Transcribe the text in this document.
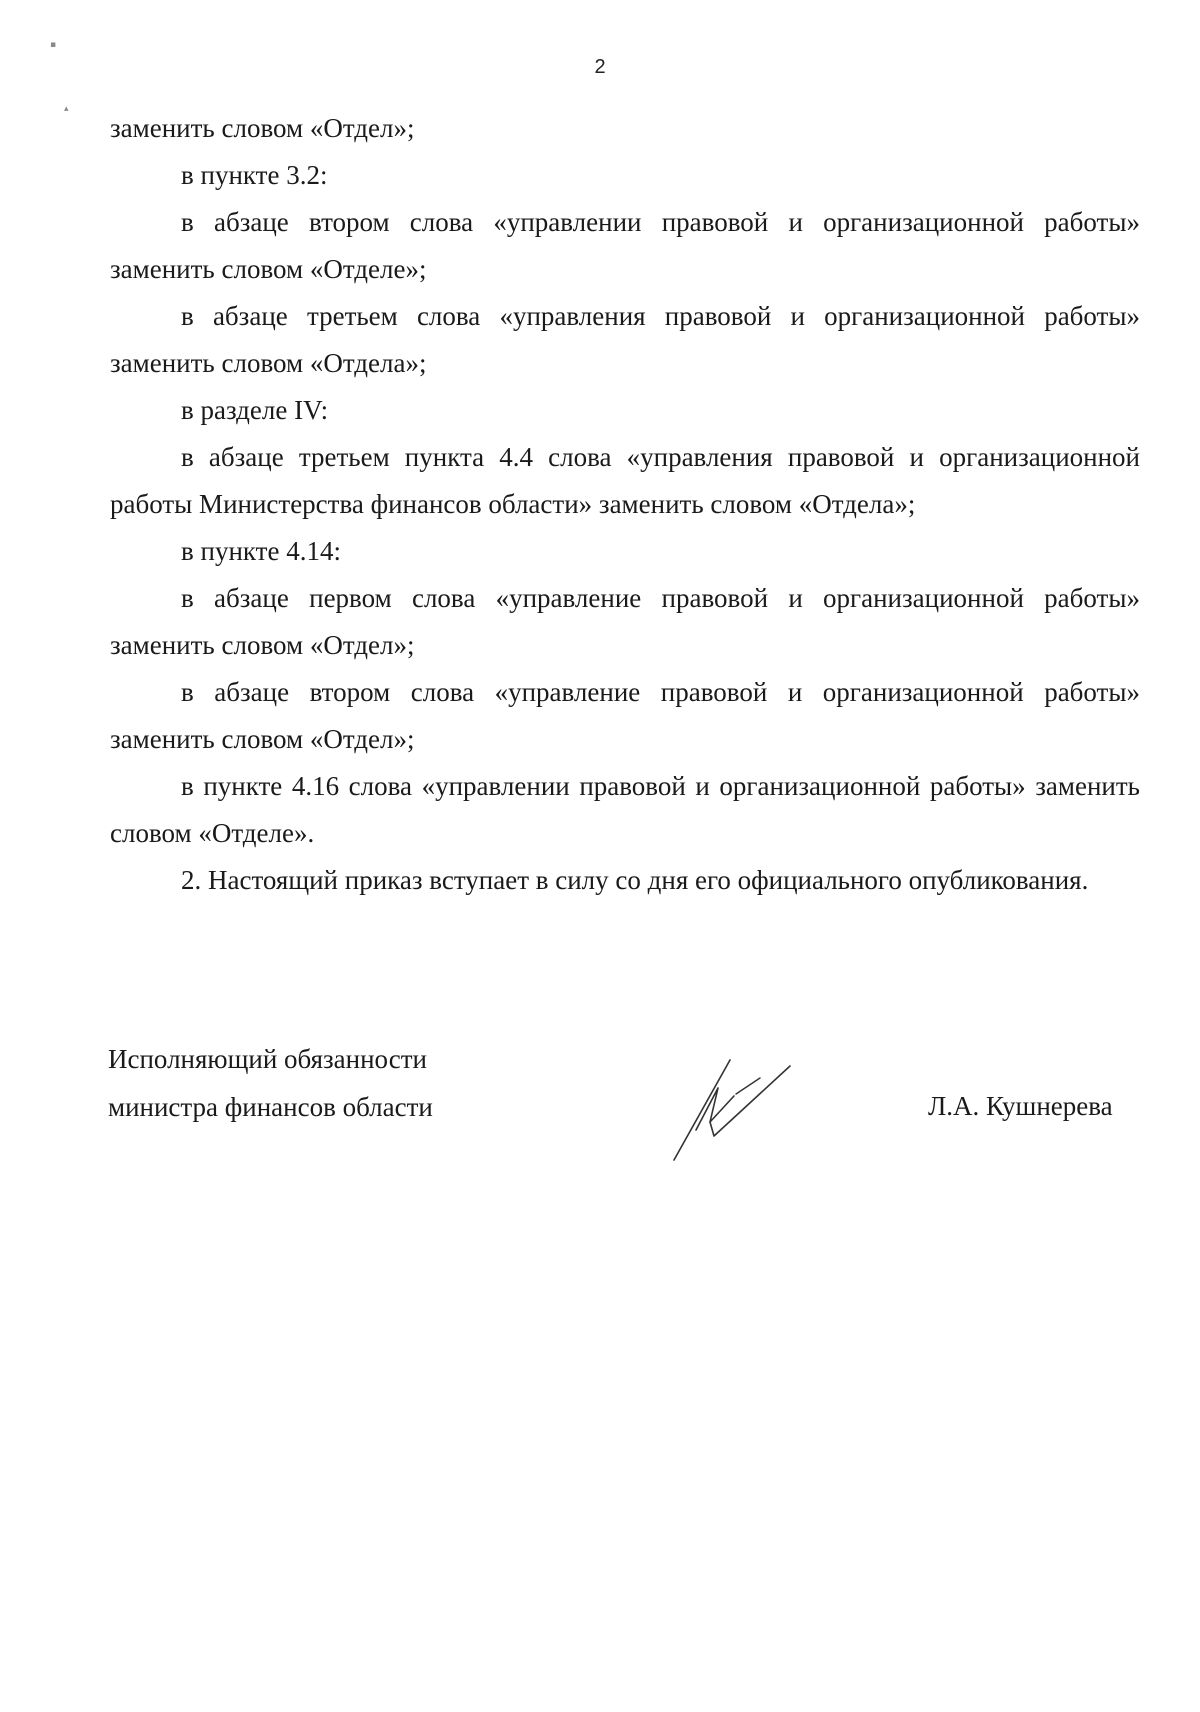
2
▪
▴

заменить словом «Отдел»;

в пункте 3.2:

в абзаце втором слова «управлении правовой и организационной работы» заменить словом «Отделе»;

в абзаце третьем слова «управления правовой и организационной работы» заменить словом «Отдела»;

в разделе IV:

в абзаце третьем пункта 4.4 слова «управления правовой и организационной работы Министерства финансов области» заменить словом «Отдела»;

в пункте 4.14:

в абзаце первом слова «управление правовой и организационной работы» заменить словом «Отдел»;

в абзаце втором слова «управление правовой и организационной работы» заменить словом «Отдел»;

в пункте 4.16 слова «управлении правовой и организационной работы» заменить словом «Отделе».

2. Настоящий приказ вступает в силу со дня его официального опубликования.

Исполняющий обязанности
министра финансов области	Л.А. Кушнерева
